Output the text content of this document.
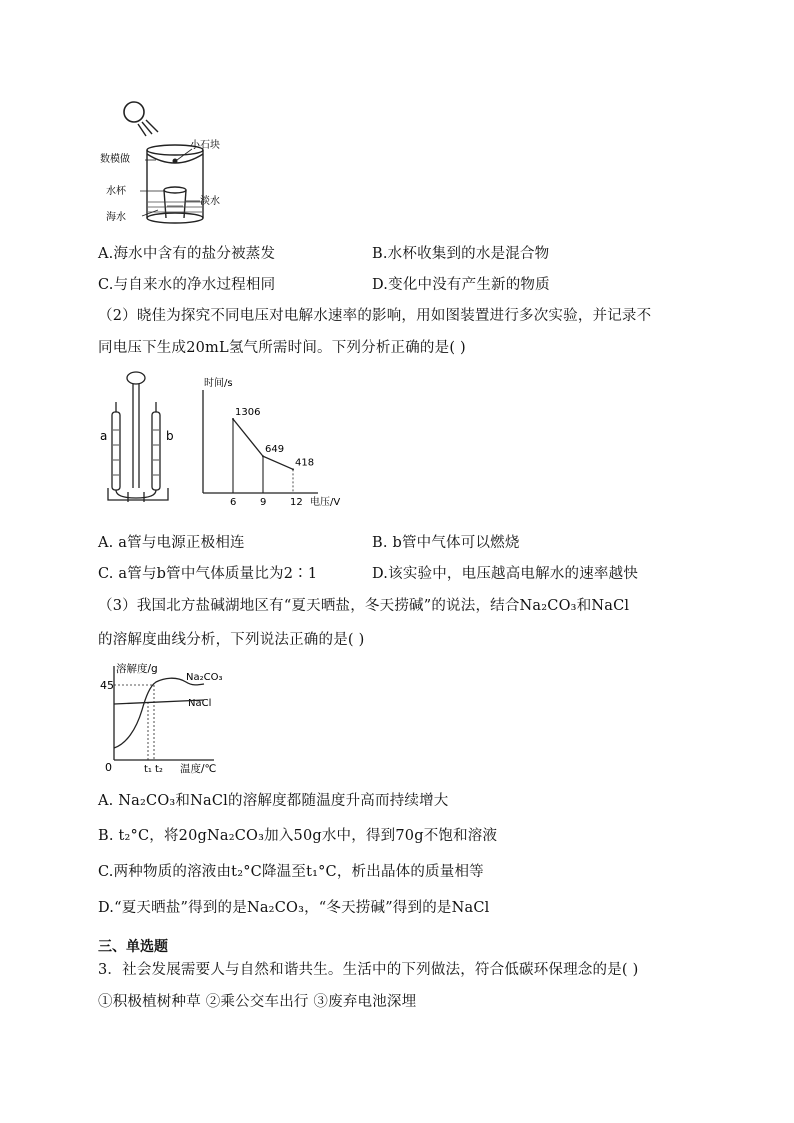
小石块
数模做
水杯
海水
淡水
A.海水中含有的盐分被蒸发	B.水杯收集到的水是混合物
C.与自来水的净水过程相同	D.变化中没有产生新的物质
（2）晓佳为探究不同电压对电解水速率的影响，用如图装置进行多次实验，并记录不
同电压下生成20mL氢气所需时间。下列分析正确的是( )
a	b
时间/s
电压/V
6
1306
9
649
12
418
A. a管与电源正极相连	B. b管中气体可以燃烧
C. a管与b管中气体质量比为2∶1	D.该实验中，电压越高电解水的速率越快
（3）我国北方盐碱湖地区有“夏天晒盐，冬天捞碱”的说法，结合Na₂CO₃和NaCl
的溶解度曲线分析，下列说法正确的是( )
溶解度/g
45
0	t₁ t₂ 温度/℃
Na₂CO₃
NaCl
A. Na₂CO₃和NaCl的溶解度都随温度升高而持续增大
B. t₂°C，将20gNa₂CO₃加入50g水中，得到70g不饱和溶液
C.两种物质的溶液由t₂°C降温至t₁°C，析出晶体的质量相等
D.“夏天晒盐”得到的是Na₂CO₃，“冬天捞碱”得到的是NaCl
三、单选题
3．社会发展需要人与自然和谐共生。生活中的下列做法，符合低碳环保理念的是( )
①积极植树种草 ②乘公交车出行 ③废弃电池深埋
